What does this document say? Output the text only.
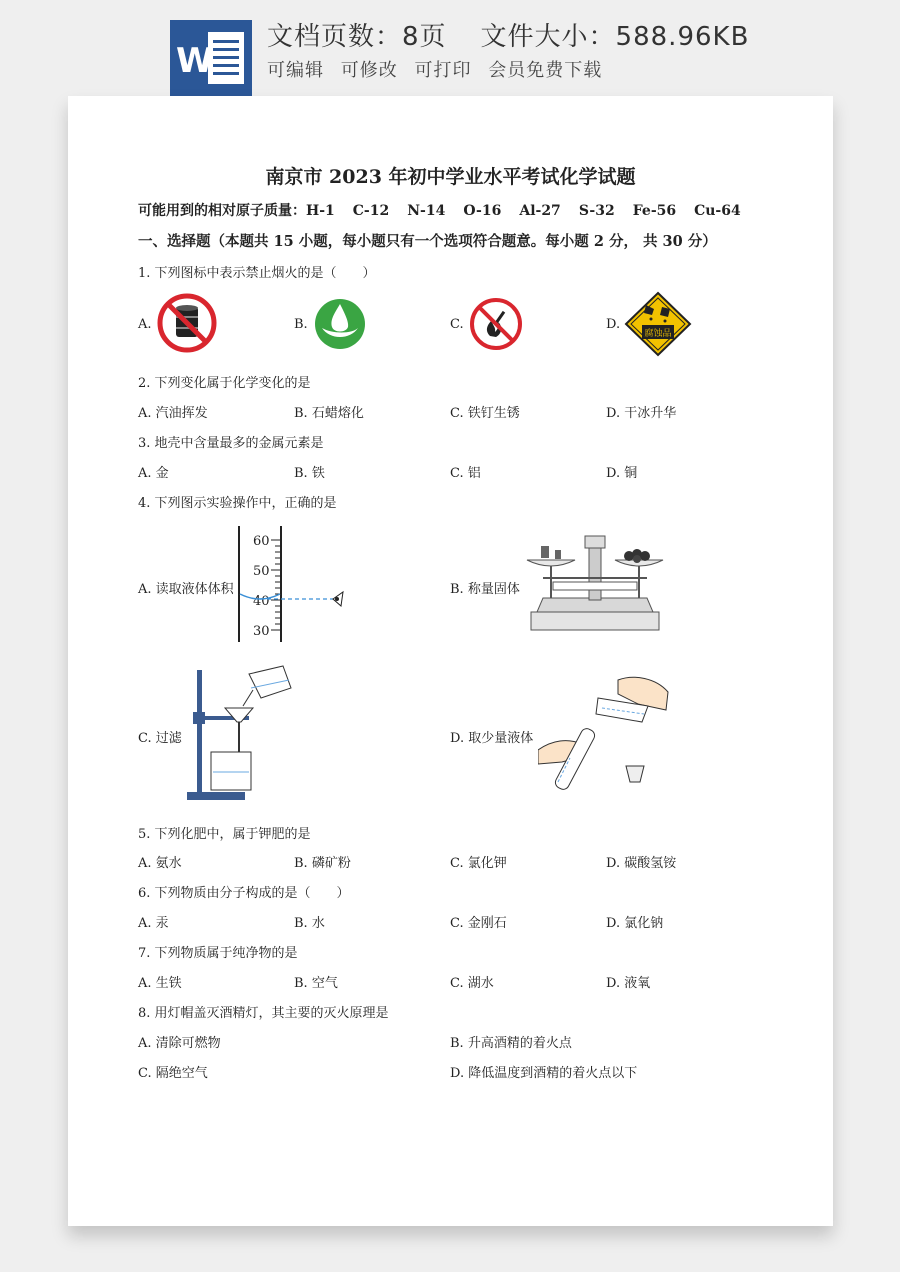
W
文档页数：8页 文件大小：588.96KB
可编辑 可修改 可打印 会员免费下载
南京市 2023 年初中学业水平考试化学试题
可能用到的相对原子质量：H-1 C-12 N-14 O-16 Al-27 S-32 Fe-56 Cu-64
一、选择题（本题共 15 小题，每小题只有一个选项符合题意。每小题 2 分， 共 30 分）
1. 下列图标中表示禁止烟火的是（　　）
A.	B.	C.	D.
腐蚀品
2. 下列变化属于化学变化的是
A. 汽油挥发	B. 石蜡熔化	C. 铁钉生锈	D. 干冰升华
3. 地壳中含量最多的金属元素是
A. 金	B. 铁	C. 铝	D. 铜
4. 下列图示实验操作中，正确的是
A. 读取液体体积
60
50
40
30
B. 称量固体
C. 过滤	D. 取少量液体
5. 下列化肥中，属于钾肥的是
A. 氨水	B. 磷矿粉	C. 氯化钾	D. 碳酸氢铵
6. 下列物质由分子构成的是（　　）
A. 汞	B. 水	C. 金刚石	D. 氯化钠
7. 下列物质属于纯净物的是
A. 生铁	B. 空气	C. 湖水	D. 液氧
8. 用灯帽盖灭酒精灯，其主要的灭火原理是
A. 清除可燃物	B. 升高酒精的着火点
C. 隔绝空气	D. 降低温度到酒精的着火点以下
